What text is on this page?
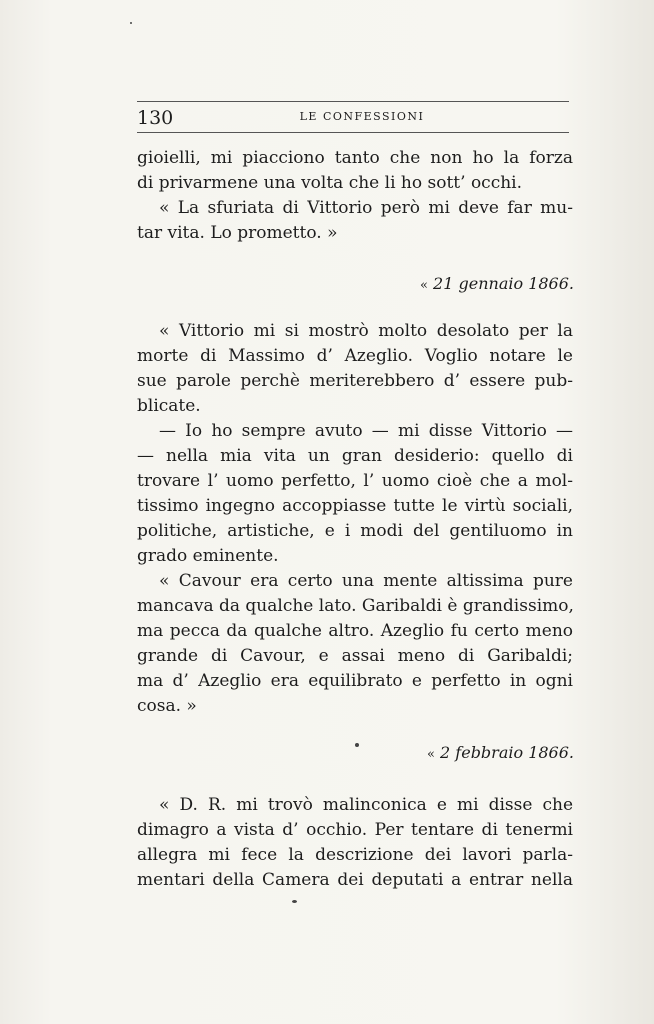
130	LE CONFESSIONI
gioielli, mi piacciono tanto che non ho la forza
di privarmene una volta che li ho sott’ occhi.
« La sfuriata di Vittorio però mi deve far mu-
tar vita. Lo prometto. »
« 21 gennaio 1866.
« Vittorio mi si mostrò molto desolato per la
morte di Massimo d’ Azeglio. Voglio notare le
sue parole perchè meriterebbero d’ essere pub-
blicate.
— Io ho sempre avuto — mi disse Vittorio —
— nella mia vita un gran desiderio: quello di
trovare l’ uomo perfetto, l’ uomo cioè che a mol-
tissimo ingegno accoppiasse tutte le virtù sociali,
politiche, artistiche, e i modi del gentiluomo in
grado eminente.
« Cavour era certo una mente altissima pure
mancava da qualche lato. Garibaldi è grandissimo,
ma pecca da qualche altro. Azeglio fu certo meno
grande di Cavour, e assai meno di Garibaldi;
ma d’ Azeglio era equilibrato e perfetto in ogni
cosa. »
« 2 febbraio 1866.
« D. R. mi trovò malinconica e mi disse che
dimagro a vista d’ occhio. Per tentare di tenermi
allegra mi fece la descrizione dei lavori parla-
mentari della Camera dei deputati a entrar nella
